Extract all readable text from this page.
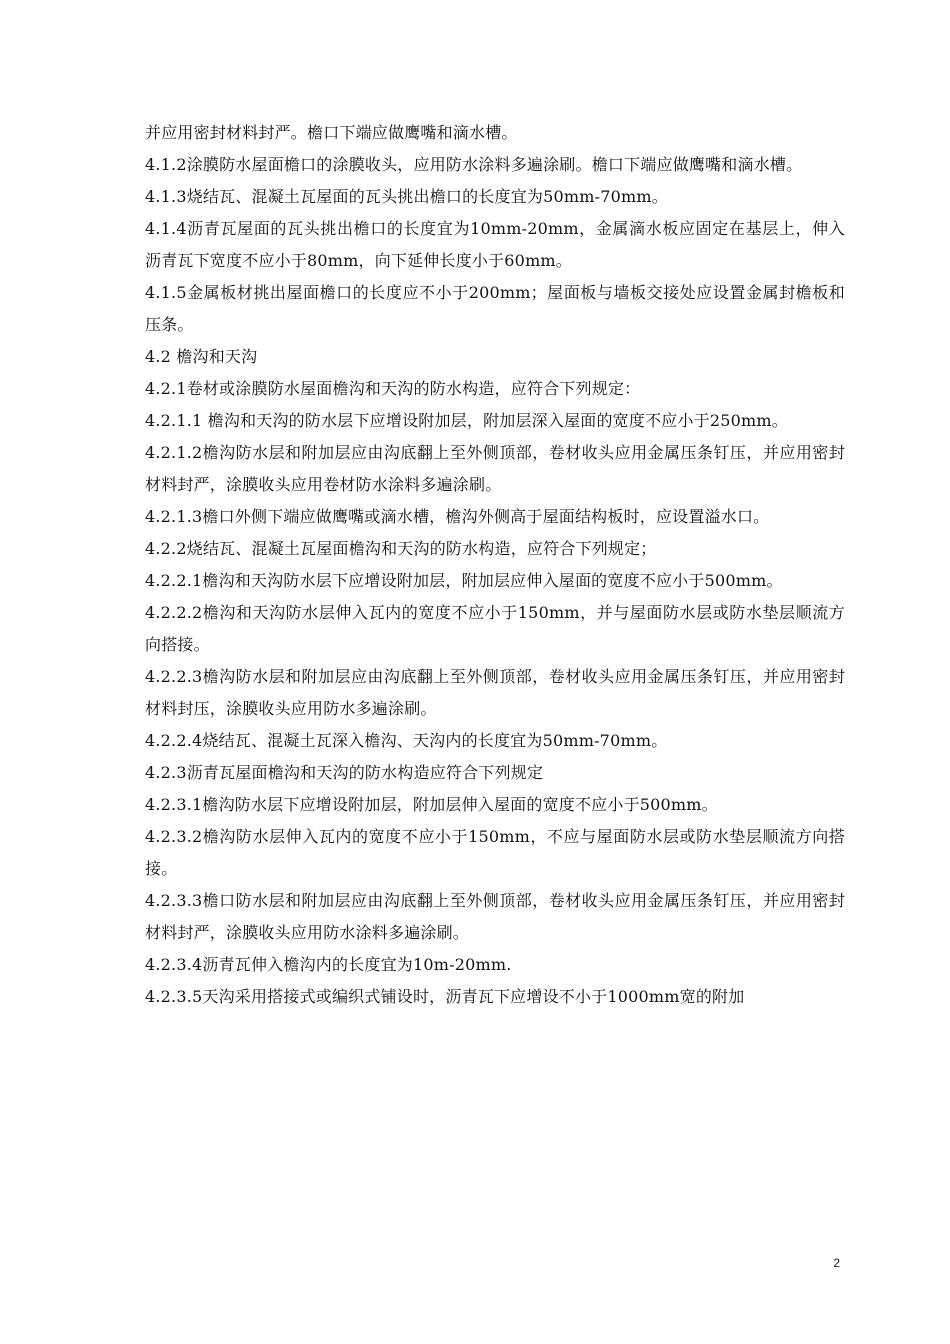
并应用密封材料封严。檐口下端应做鹰嘴和滴水槽。

4.1.2涂膜防水屋面檐口的涂膜收头，应用防水涂料多遍涂刷。檐口下端应做鹰嘴和滴水槽。

4.1.3烧结瓦、混凝土瓦屋面的瓦头挑出檐口的长度宜为50mm-70mm。

4.1.4沥青瓦屋面的瓦头挑出檐口的长度宜为10mm-20mm，金属滴水板应固定在基层上，伸入沥青瓦下宽度不应小于80mm，向下延伸长度小于60mm。

4.1.5金属板材挑出屋面檐口的长度应不小于200mm；屋面板与墙板交接处应设置金属封檐板和压条。

4.2 檐沟和天沟

4.2.1卷材或涂膜防水屋面檐沟和天沟的防水构造，应符合下列规定：

4.2.1.1 檐沟和天沟的防水层下应增设附加层，附加层深入屋面的宽度不应小于250mm。

4.2.1.2檐沟防水层和附加层应由沟底翻上至外侧顶部，卷材收头应用金属压条钉压，并应用密封材料封严，涂膜收头应用卷材防水涂料多遍涂刷。

4.2.1.3檐口外侧下端应做鹰嘴或滴水槽，檐沟外侧高于屋面结构板时，应设置溢水口。

4.2.2烧结瓦、混凝土瓦屋面檐沟和天沟的防水构造，应符合下列规定；

4.2.2.1檐沟和天沟防水层下应增设附加层，附加层应伸入屋面的宽度不应小于500mm。

4.2.2.2檐沟和天沟防水层伸入瓦内的宽度不应小于150mm，并与屋面防水层或防水垫层顺流方向搭接。

4.2.2.3檐沟防水层和附加层应由沟底翻上至外侧顶部，卷材收头应用金属压条钉压，并应用密封材料封压，涂膜收头应用防水多遍涂刷。

4.2.2.4烧结瓦、混凝土瓦深入檐沟、天沟内的长度宜为50mm-70mm。

4.2.3沥青瓦屋面檐沟和天沟的防水构造应符合下列规定

4.2.3.1檐沟防水层下应增设附加层，附加层伸入屋面的宽度不应小于500mm。

4.2.3.2檐沟防水层伸入瓦内的宽度不应小于150mm，不应与屋面防水层或防水垫层顺流方向搭接。

4.2.3.3檐口防水层和附加层应由沟底翻上至外侧顶部，卷材收头应用金属压条钉压，并应用密封材料封严，涂膜收头应用防水涂料多遍涂刷。

4.2.3.4沥青瓦伸入檐沟内的长度宜为10m-20mm.

4.2.3.5天沟采用搭接式或编织式铺设时，沥青瓦下应增设不小于1000mm宽的附加

2
